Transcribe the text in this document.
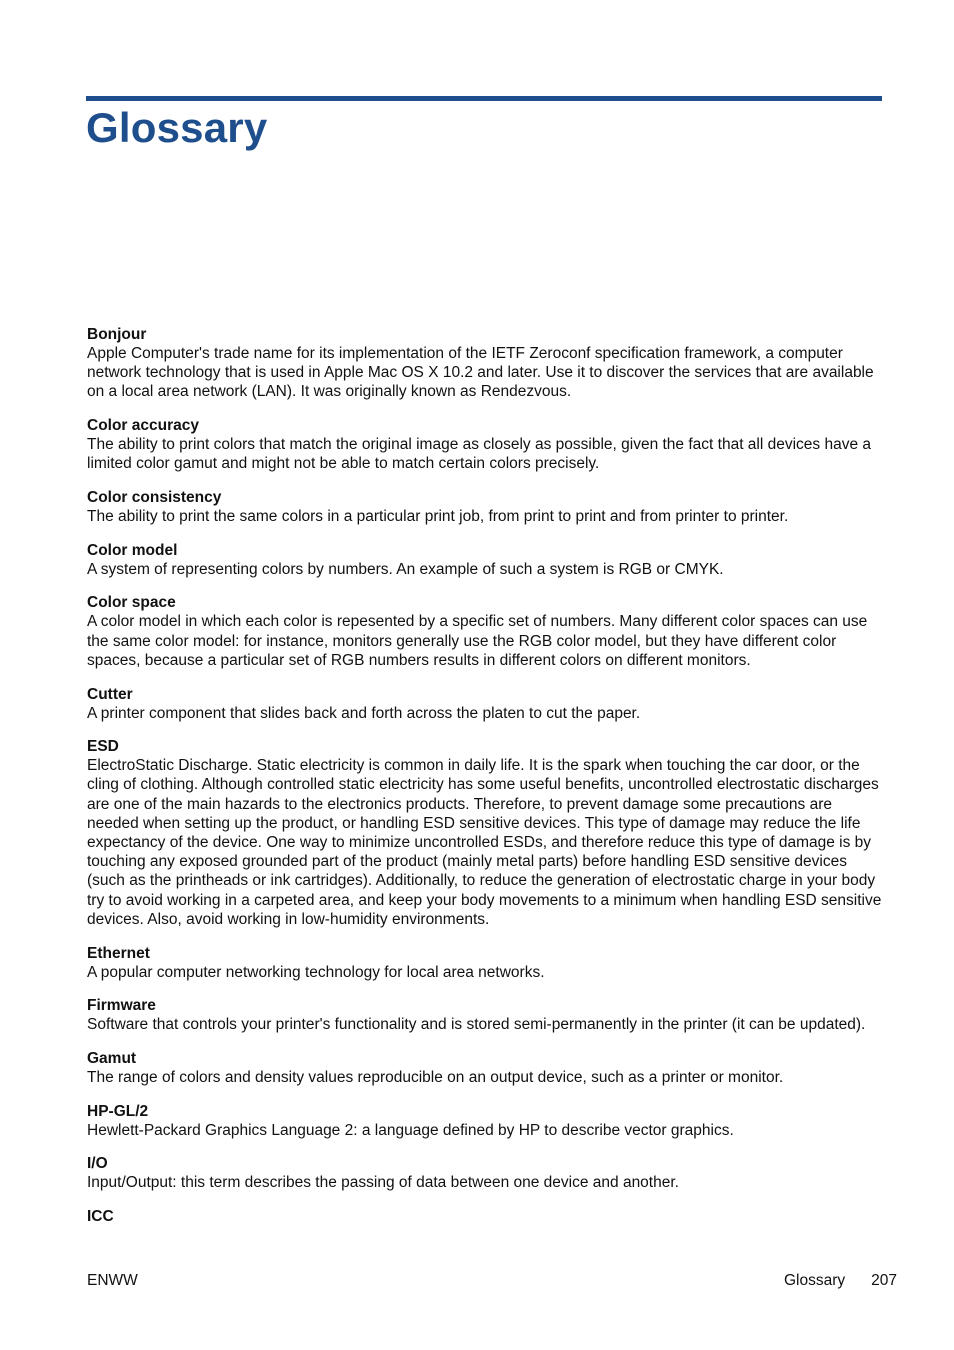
Glossary
Bonjour

Apple Computer's trade name for its implementation of the IETF Zeroconf specification framework, a computer network technology that is used in Apple Mac OS X 10.2 and later. Use it to discover the services that are available on a local area network (LAN). It was originally known as Rendezvous.

Color accuracy

The ability to print colors that match the original image as closely as possible, given the fact that all devices have a limited color gamut and might not be able to match certain colors precisely.

Color consistency

The ability to print the same colors in a particular print job, from print to print and from printer to printer.

Color model

A system of representing colors by numbers. An example of such a system is RGB or CMYK.

Color space

A color model in which each color is repesented by a specific set of numbers. Many different color spaces can use the same color model: for instance, monitors generally use the RGB color model, but they have different color spaces, because a particular set of RGB numbers results in different colors on different monitors.

Cutter

A printer component that slides back and forth across the platen to cut the paper.

ESD

ElectroStatic Discharge. Static electricity is common in daily life. It is the spark when touching the car door, or the cling of clothing. Although controlled static electricity has some useful benefits, uncontrolled electrostatic discharges are one of the main hazards to the electronics products. Therefore, to prevent damage some precautions are needed when setting up the product, or handling ESD sensitive devices. This type of damage may reduce the life expectancy of the device. One way to minimize uncontrolled ESDs, and therefore reduce this type of damage is by touching any exposed grounded part of the product (mainly metal parts) before handling ESD sensitive devices (such as the printheads or ink cartridges). Additionally, to reduce the generation of electrostatic charge in your body try to avoid working in a carpeted area, and keep your body movements to a minimum when handling ESD sensitive devices. Also, avoid working in low-humidity environments.

Ethernet

A popular computer networking technology for local area networks.

Firmware

Software that controls your printer's functionality and is stored semi-permanently in the printer (it can be updated).

Gamut

The range of colors and density values reproducible on an output device, such as a printer or monitor.

HP-GL/2

Hewlett-Packard Graphics Language 2: a language defined by HP to describe vector graphics.

I/O

Input/Output: this term describes the passing of data between one device and another.

ICC
ENWW	Glossary 207
